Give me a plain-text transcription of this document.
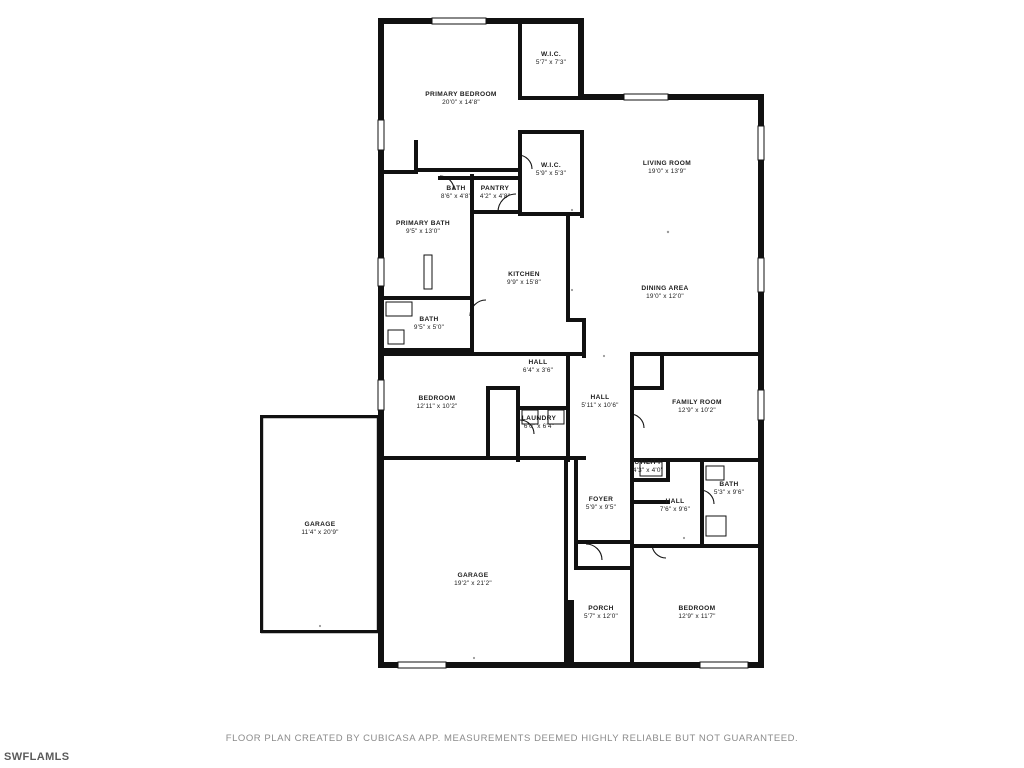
PRIMARY BEDROOM
20'0" x 14'8"
W.I.C.
5'7" x 7'3"
W.I.C.
5'9" x 5'3"
LIVING ROOM
19'0" x 13'9"
BATH
8'6" x 4'8"
PANTRY
4'2" x 4'8"
PRIMARY BATH
9'5" x 13'0"
KITCHEN
9'9" x 15'8"
DINING AREA
19'0" x 12'0"
BATH
9'5" x 5'0"
HALL
6'4" x 3'6"
HALL
5'11" x 10'6"	FAMILY ROOM
12'9" x 10'2"
BEDROOM
12'11" x 10'2"
LAUNDRY
6'0" x 6'4"
UTILITY
4'3" x 4'0"
BATH
5'3" x 9'6"
FOYER
5'9" x 9'5"
HALL
7'6" x 9'6"
GARAGE
11'4" x 20'9"
GARAGE
19'2" x 21'2"
PORCH
5'7" x 12'0"
BEDROOM
12'9" x 11'7"
FLOOR PLAN CREATED BY CUBICASA APP. MEASUREMENTS DEEMED HIGHLY RELIABLE BUT NOT GUARANTEED.
SWFLAMLS
